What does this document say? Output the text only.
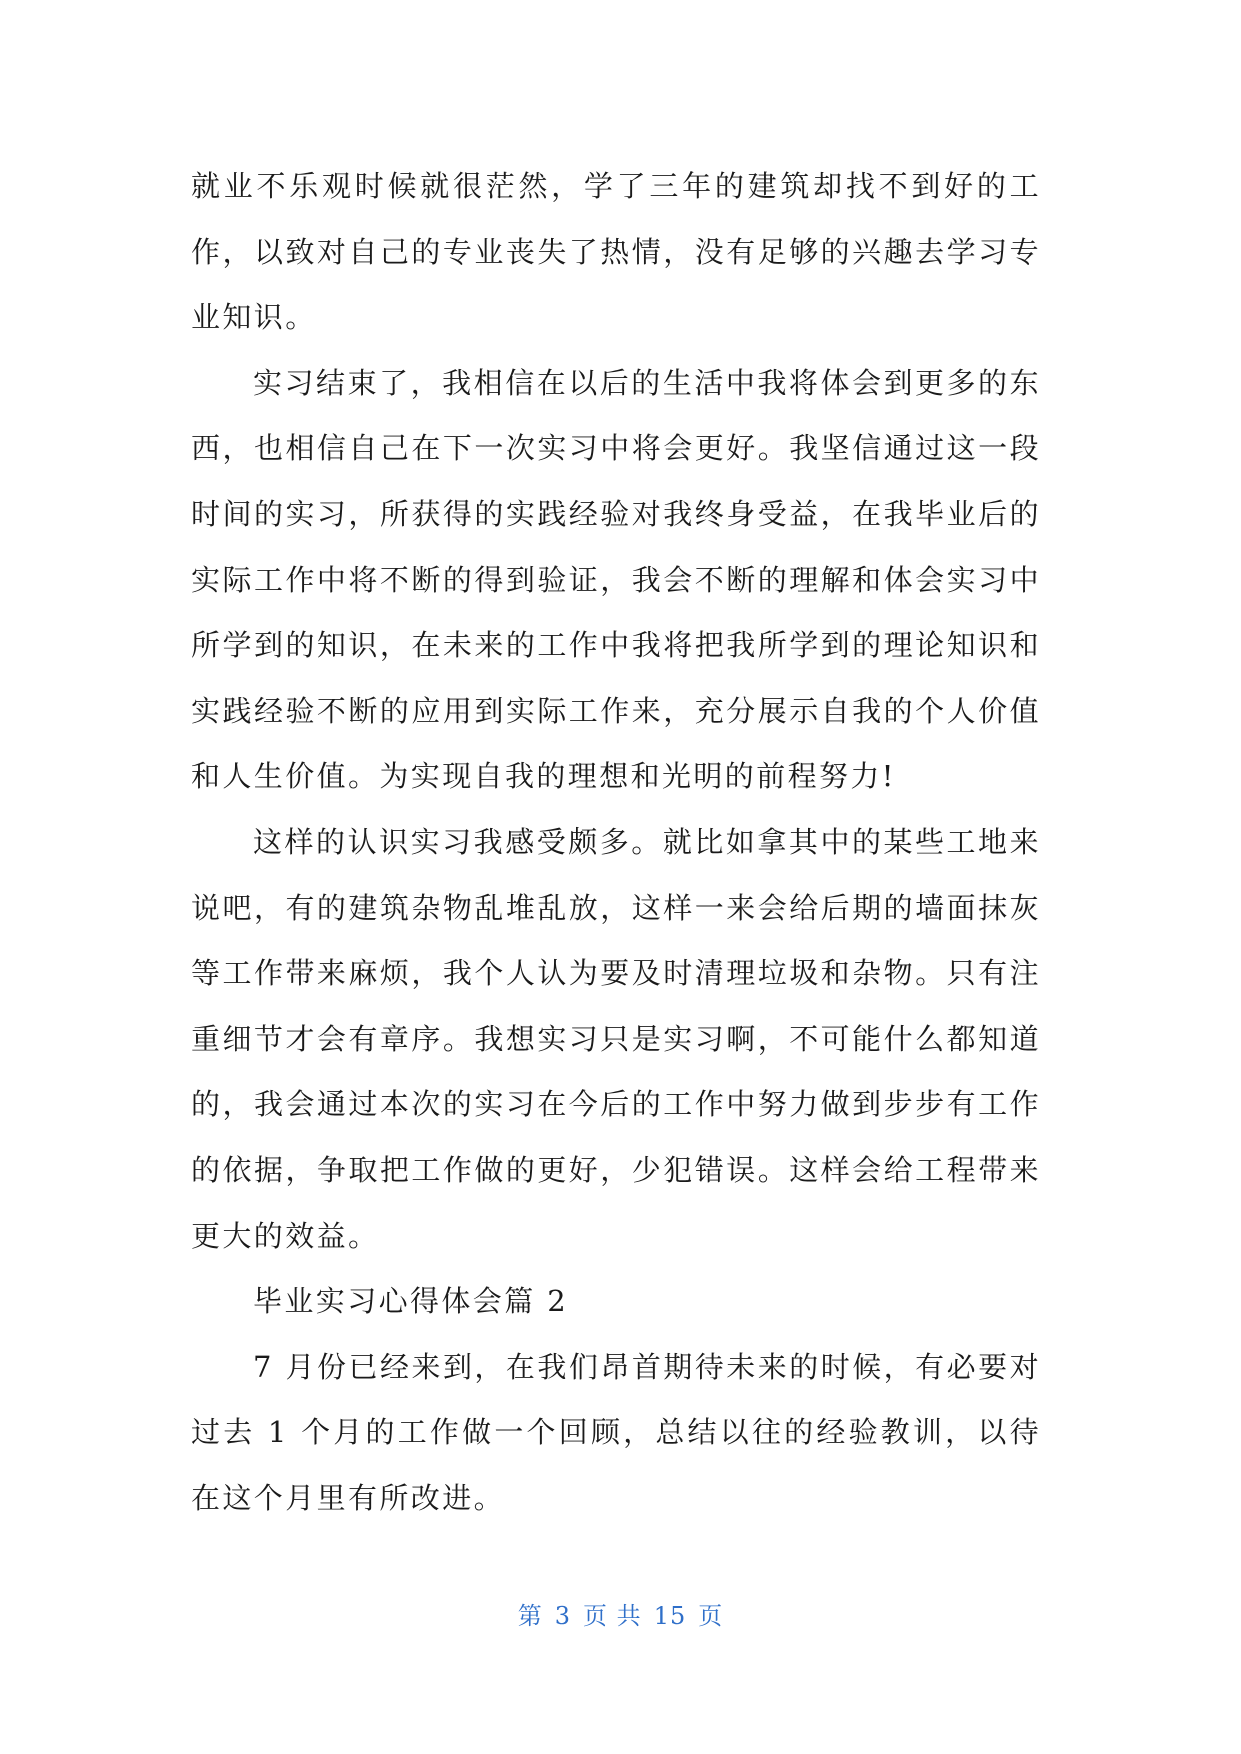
就业不乐观时候就很茫然，学了三年的建筑却找不到好的工作，以致对自己的专业丧失了热情，没有足够的兴趣去学习专业知识。

实习结束了，我相信在以后的生活中我将体会到更多的东西，也相信自己在下一次实习中将会更好。我坚信通过这一段时间的实习，所获得的实践经验对我终身受益，在我毕业后的实际工作中将不断的得到验证，我会不断的理解和体会实习中所学到的知识，在未来的工作中我将把我所学到的理论知识和实践经验不断的应用到实际工作来，充分展示自我的个人价值和人生价值。为实现自我的理想和光明的前程努力!

这样的认识实习我感受颇多。就比如拿其中的某些工地来说吧，有的建筑杂物乱堆乱放，这样一来会给后期的墙面抹灰等工作带来麻烦，我个人认为要及时清理垃圾和杂物。只有注重细节才会有章序。我想实习只是实习啊，不可能什么都知道的，我会通过本次的实习在今后的工作中努力做到步步有工作的依据，争取把工作做的更好，少犯错误。这样会给工程带来更大的效益。

毕业实习心得体会篇 2

7 月份已经来到，在我们昂首期待未来的时候，有必要对过去 1 个月的工作做一个回顾，总结以往的经验教训，以待在这个月里有所改进。

第 3 页 共 15 页
